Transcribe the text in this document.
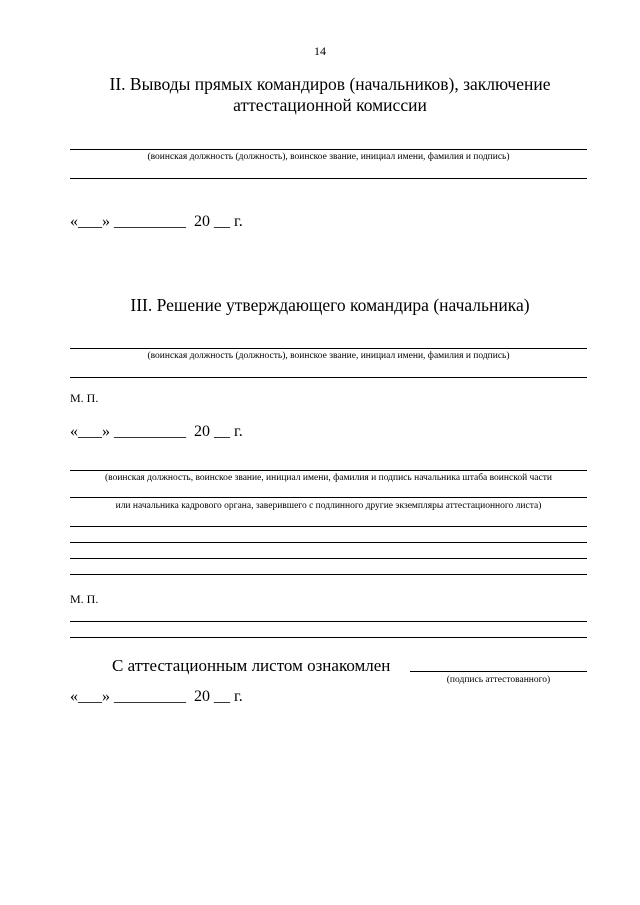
14
II. Выводы прямых командиров (начальников), заключение
аттестационной комиссии
(воинская должность (должность), воинское звание, инициал имени, фамилия и подпись)
«___» _________  20 __ г.
III. Решение утверждающего командира (начальника)
(воинская должность (должность), воинское звание, инициал имени, фамилия и подпись)
М. П.
«___» _________  20 __ г.
(воинская должность, воинское звание, инициал имени, фамилия и подпись начальника штаба воинской части
или начальника кадрового органа, заверившего с подлинного другие экземпляры аттестационного листа)
М. П.
С аттестационным листом ознакомлен
(подпись аттестованного)
«___» _________  20 __ г.
